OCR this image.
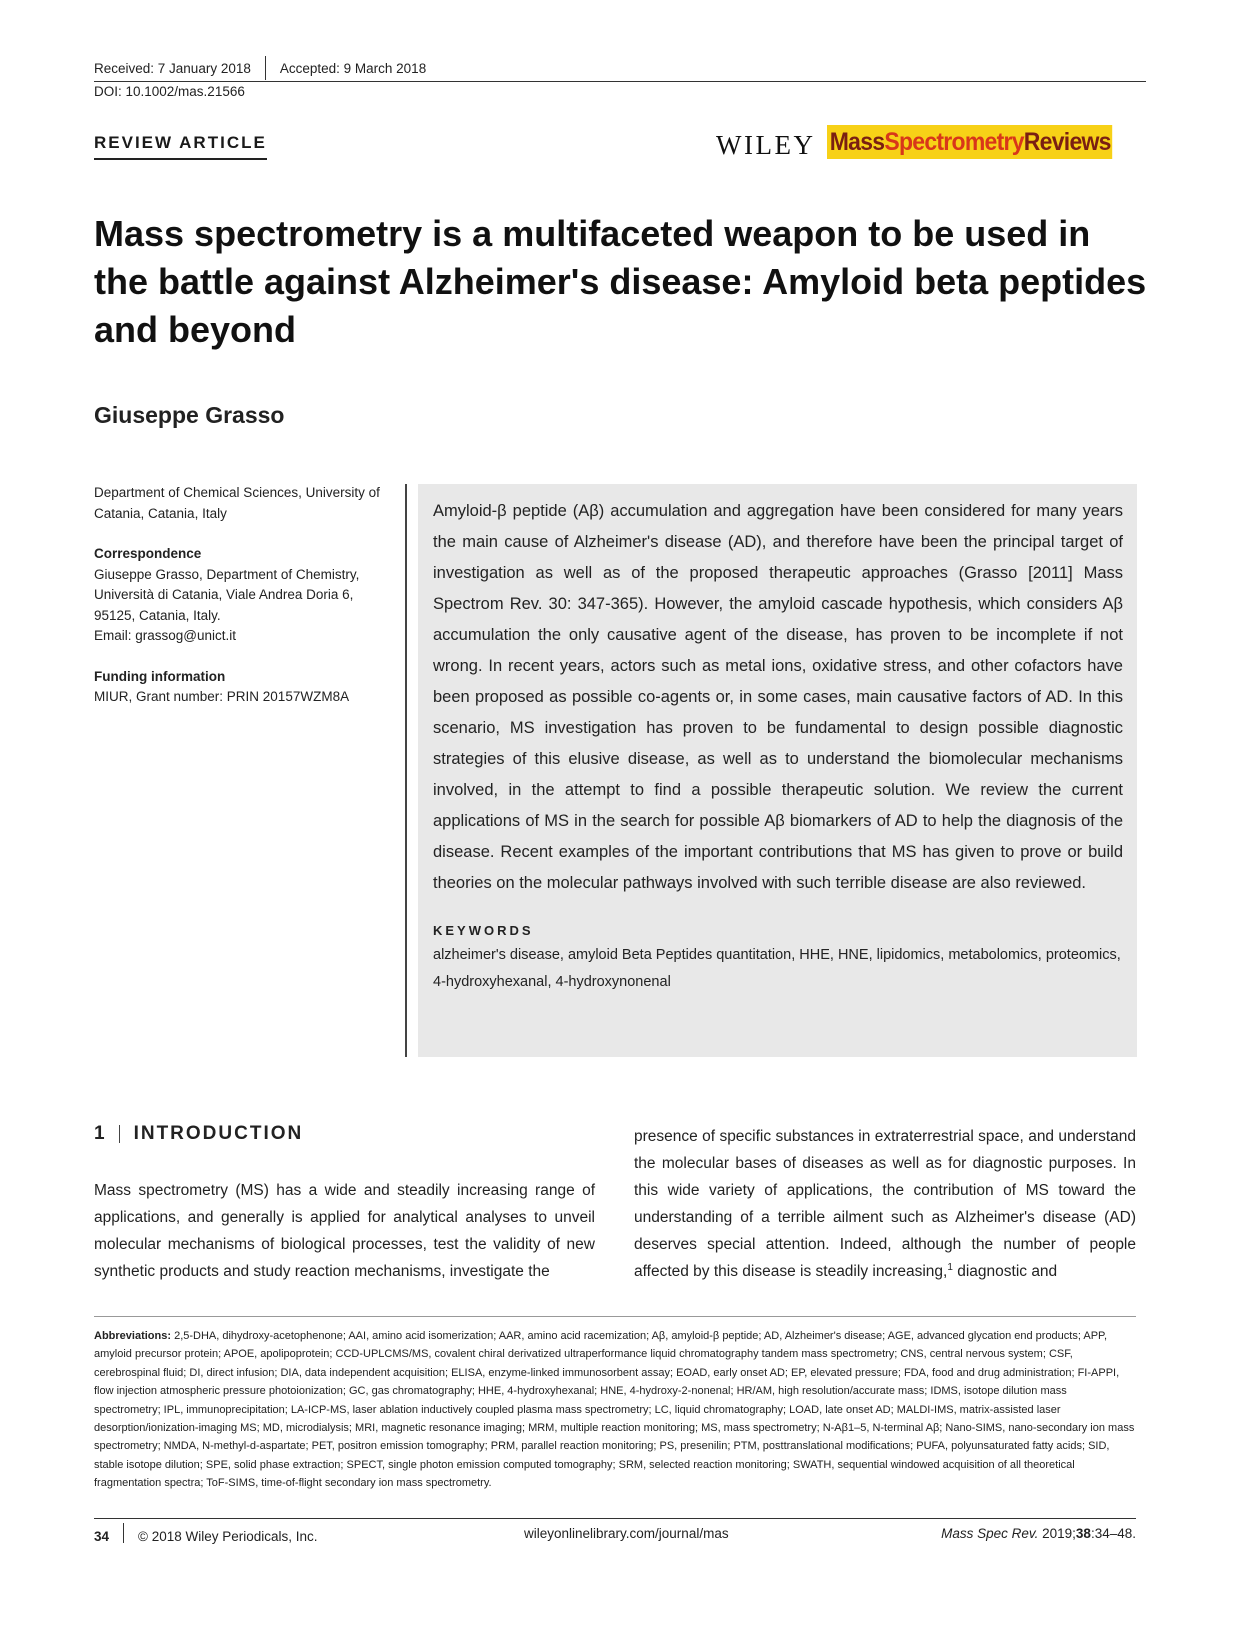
Received: 7 January 2018 Accepted: 9 March 2018
DOI: 10.1002/mas.21566
REVIEW ARTICLE	WILEY MassSpectrometryReviews
Mass spectrometry is a multifaceted weapon to be used in the battle against Alzheimer's disease: Amyloid beta peptides and beyond
Giuseppe Grasso
Department of Chemical Sciences, University of Catania, Catania, Italy
Correspondence
Giuseppe Grasso, Department of Chemistry, Università di Catania, Viale Andrea Doria 6, 95125, Catania, Italy.
Email: grassog@unict.it
Funding information
MIUR, Grant number: PRIN 20157WZM8A

Amyloid-β peptide (Aβ) accumulation and aggregation have been considered for many years the main cause of Alzheimer's disease (AD), and therefore have been the principal target of investigation as well as of the proposed therapeutic approaches (Grasso [2011] Mass Spectrom Rev. 30: 347-365). However, the amyloid cascade hypothesis, which considers Aβ accumulation the only causative agent of the disease, has proven to be incomplete if not wrong. In recent years, actors such as metal ions, oxidative stress, and other cofactors have been proposed as possible co-agents or, in some cases, main causative factors of AD. In this scenario, MS investigation has proven to be fundamental to design possible diagnostic strategies of this elusive disease, as well as to understand the biomolecular mechanisms involved, in the attempt to find a possible therapeutic solution. We review the current applications of MS in the search for possible Aβ biomarkers of AD to help the diagnosis of the disease. Recent examples of the important contributions that MS has given to prove or build theories on the molecular pathways involved with such terrible disease are also reviewed.

KEYWORDS
alzheimer's disease, amyloid Beta Peptides quantitation, HHE, HNE, lipidomics, metabolomics, proteomics, 4-hydroxyhexanal, 4-hydroxynonenal
1 INTRODUCTION

Mass spectrometry (MS) has a wide and steadily increasing range of applications, and generally is applied for analytical analyses to unveil molecular mechanisms of biological processes, test the validity of new synthetic products and study reaction mechanisms, investigate the

presence of specific substances in extraterrestrial space, and understand the molecular bases of diseases as well as for diagnostic purposes. In this wide variety of applications, the contribution of MS toward the understanding of a terrible ailment such as Alzheimer's disease (AD) deserves special attention. Indeed, although the number of people affected by this disease is steadily increasing,$^1$ diagnostic and

Abbreviations: 2,5-DHA, dihydroxy-acetophenone; AAI, amino acid isomerization; AAR, amino acid racemization; Aβ, amyloid-β peptide; AD, Alzheimer's disease; AGE, advanced glycation end products; APP, amyloid precursor protein; APOE, apolipoprotein; CCD-UPLCMS/MS, covalent chiral derivatized ultraperformance liquid chromatography tandem mass spectrometry; CNS, central nervous system; CSF, cerebrospinal fluid; DI, direct infusion; DIA, data independent acquisition; ELISA, enzyme-linked immunosorbent assay; EOAD, early onset AD; EP, elevated pressure; FDA, food and drug administration; FI-APPI, flow injection atmospheric pressure photoionization; GC, gas chromatography; HHE, 4-hydroxyhexanal; HNE, 4-hydroxy-2-nonenal; HR/AM, high resolution/accurate mass; IDMS, isotope dilution mass spectrometry; IPL, immunoprecipitation; LA-ICP-MS, laser ablation inductively coupled plasma mass spectrometry; LC, liquid chromatography; LOAD, late onset AD; MALDI-IMS, matrix-assisted laser desorption/ionization-imaging MS; MD, microdialysis; MRI, magnetic resonance imaging; MRM, multiple reaction monitoring; MS, mass spectrometry; N-Aβ1–5, N-terminal Aβ; Nano-SIMS, nano-secondary ion mass spectrometry; NMDA, N-methyl-d-aspartate; PET, positron emission tomography; PRM, parallel reaction monitoring; PS, presenilin; PTM, posttranslational modifications; PUFA, polyunsaturated fatty acids; SID, stable isotope dilution; SPE, solid phase extraction; SPECT, single photon emission computed tomography; SRM, selected reaction monitoring; SWATH, sequential windowed acquisition of all theoretical fragmentation spectra; ToF-SIMS, time-of-flight secondary ion mass spectrometry.

34 © 2018 Wiley Periodicals, Inc.	wileyonlinelibrary.com/journal/mas	Mass Spec Rev. 2019;38:34–48.
